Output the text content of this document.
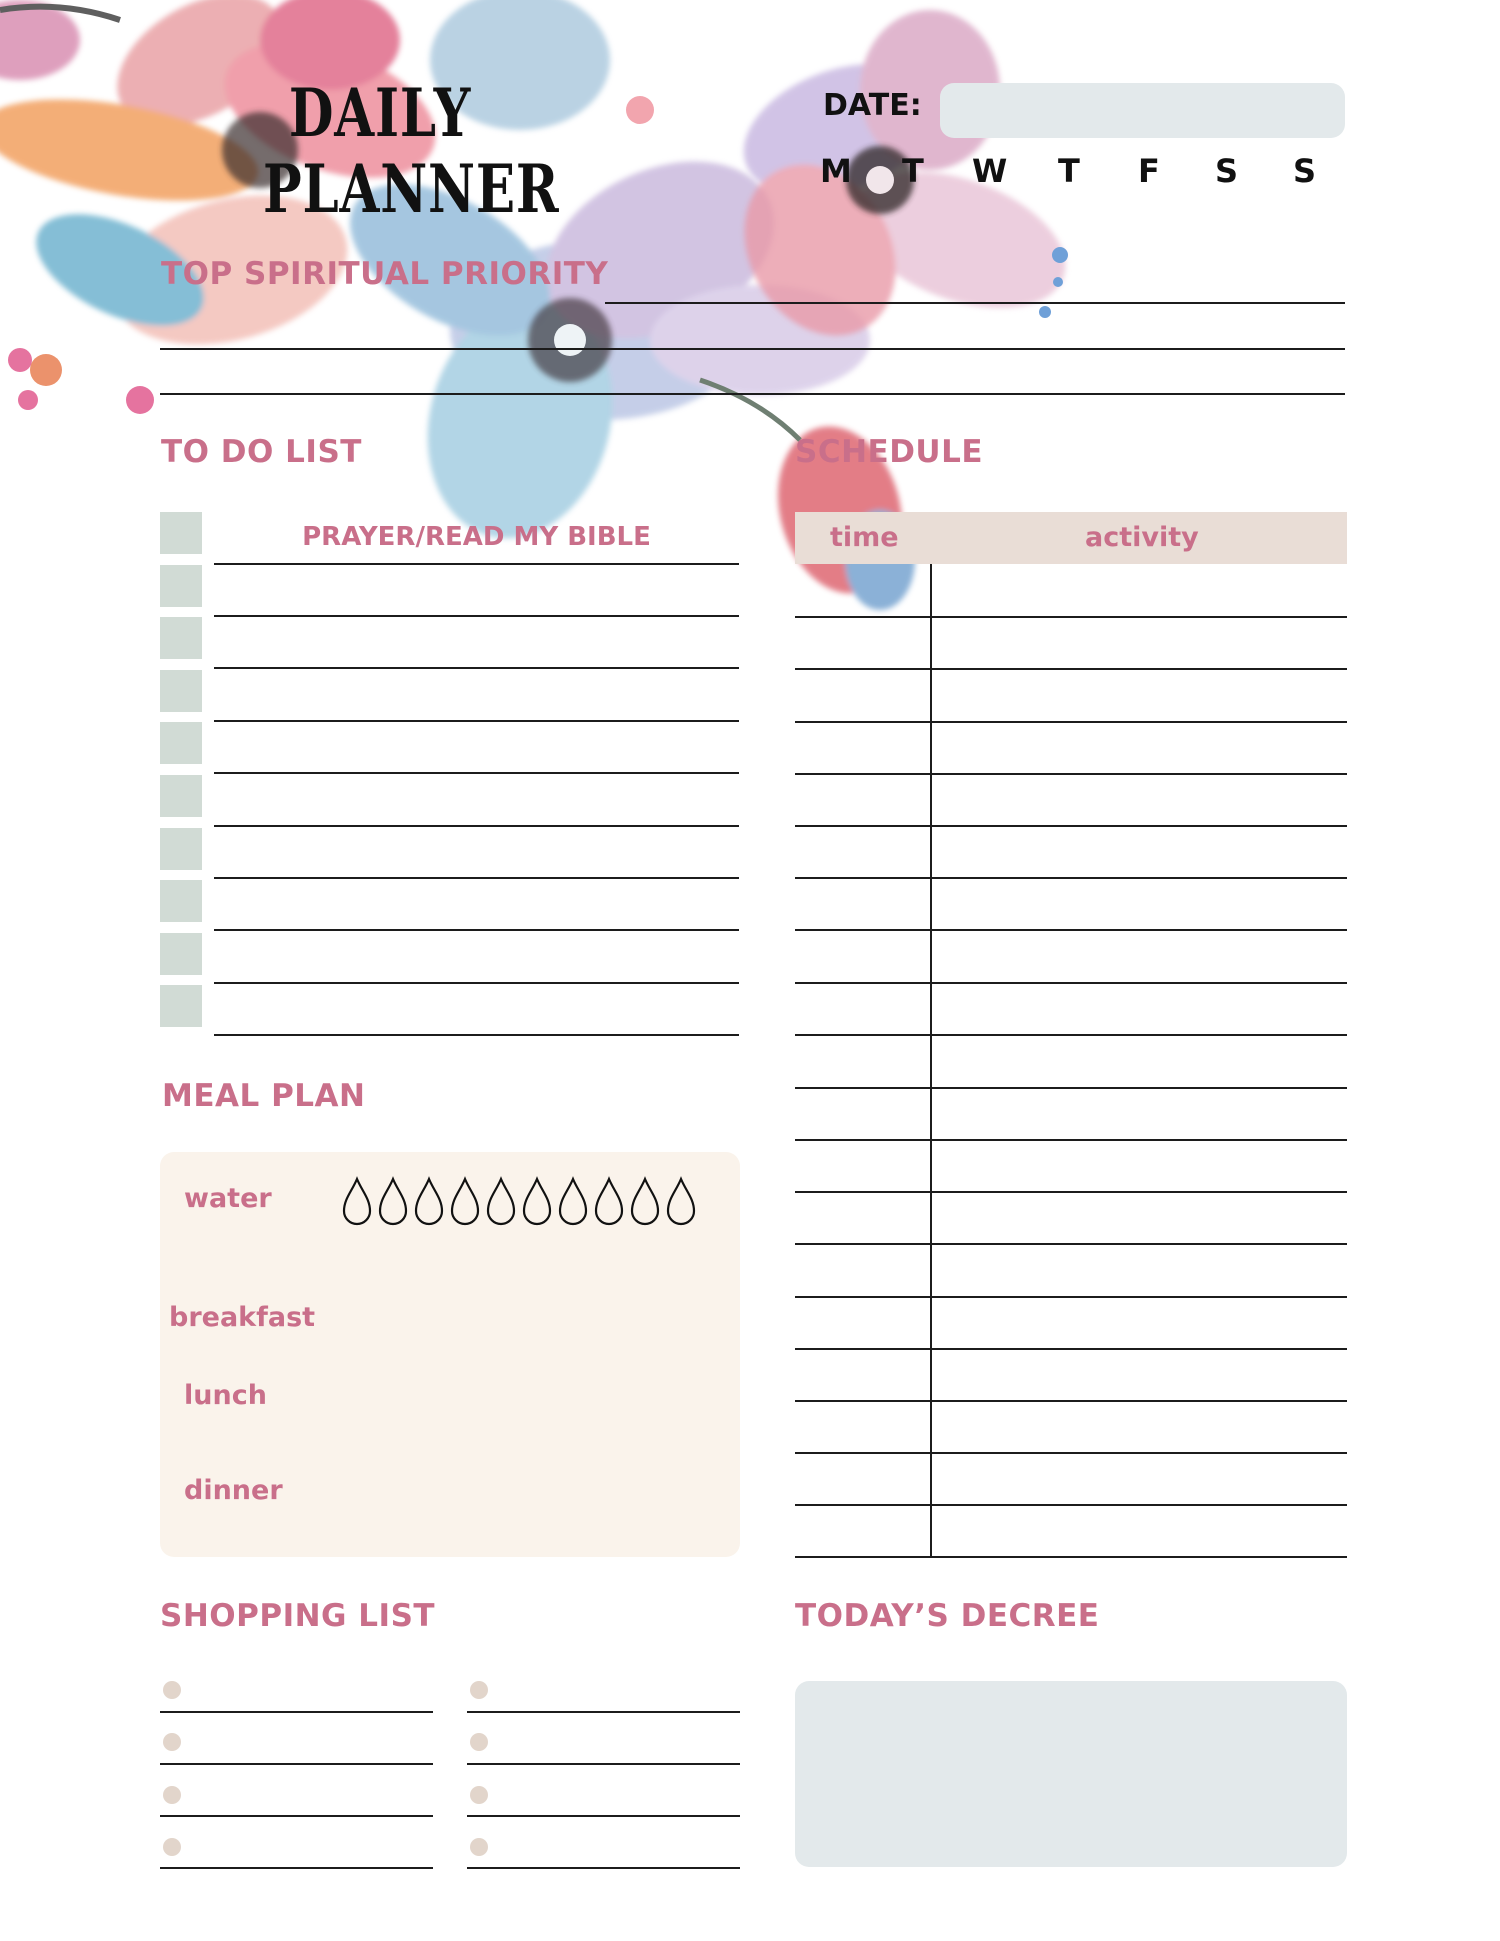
DAILY
PLANNER
DATE:
M T W T F S S
TOP SPIRITUAL PRIORITY
TO DO LIST
PRAYER/READ MY BIBLE
SCHEDULE
time	activity
MEAL PLAN
water
breakfast
lunch
dinner
SHOPPING LIST	TODAY’S DECREE
